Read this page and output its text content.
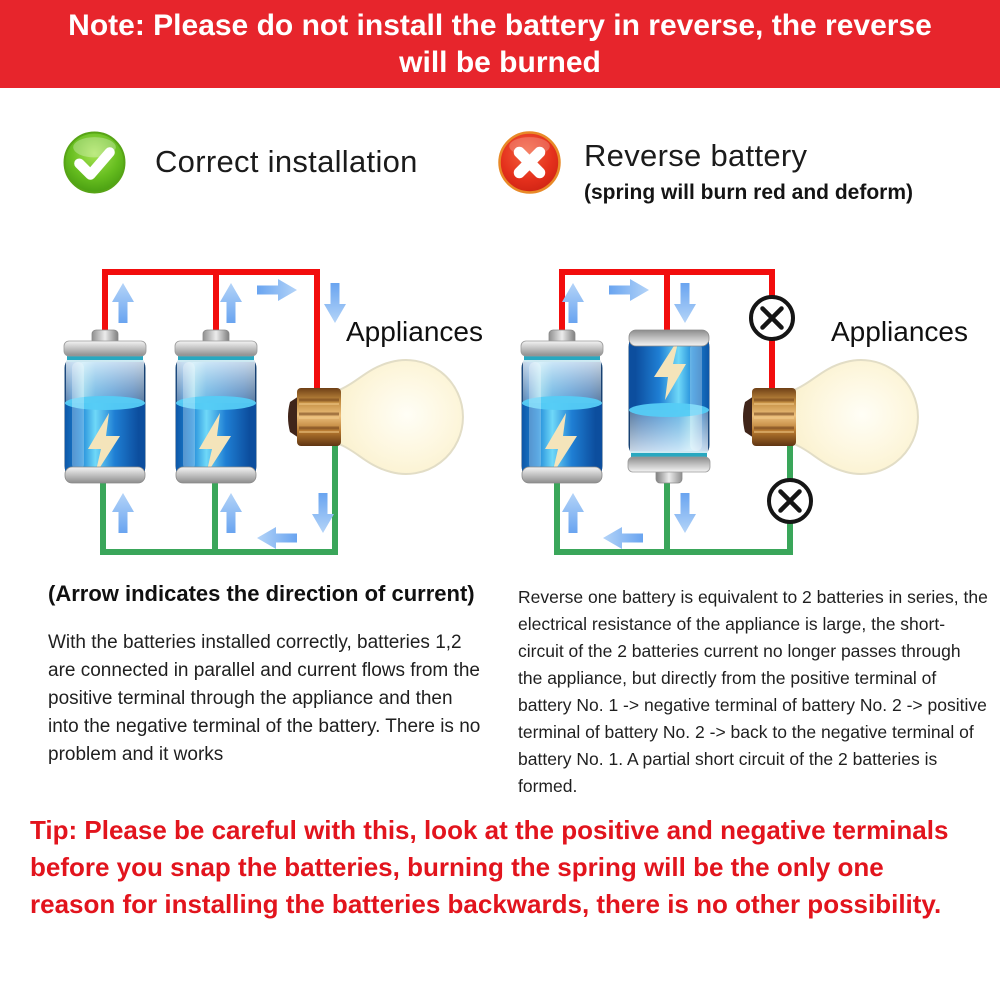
Note: Please do not install the battery in reverse, the reverse will be burned
Correct installation	Reverse battery
(spring will burn red and deform)
Appliances	Appliances
(Arrow indicates the direction of current)
With the batteries installed correctly, batteries 1,2 are connected in parallel and current flows from the positive terminal through the appliance and then into the negative terminal of the battery. There is no problem and it works
Reverse one battery is equivalent to 2 batteries in series, the electrical resistance of the appliance is large, the short-circuit of the 2 batteries current no longer passes through the appliance, but directly from the positive terminal of battery No. 1 -> negative terminal of battery No. 2 -> positive terminal of battery No. 2 -> back to the negative terminal of battery No. 1. A partial short circuit of the 2 batteries is formed.
Tip: Please be careful with this, look at the positive and negative terminals before you snap the batteries, burning the spring will be the only one reason for installing the batteries backwards, there is no other possibility.
